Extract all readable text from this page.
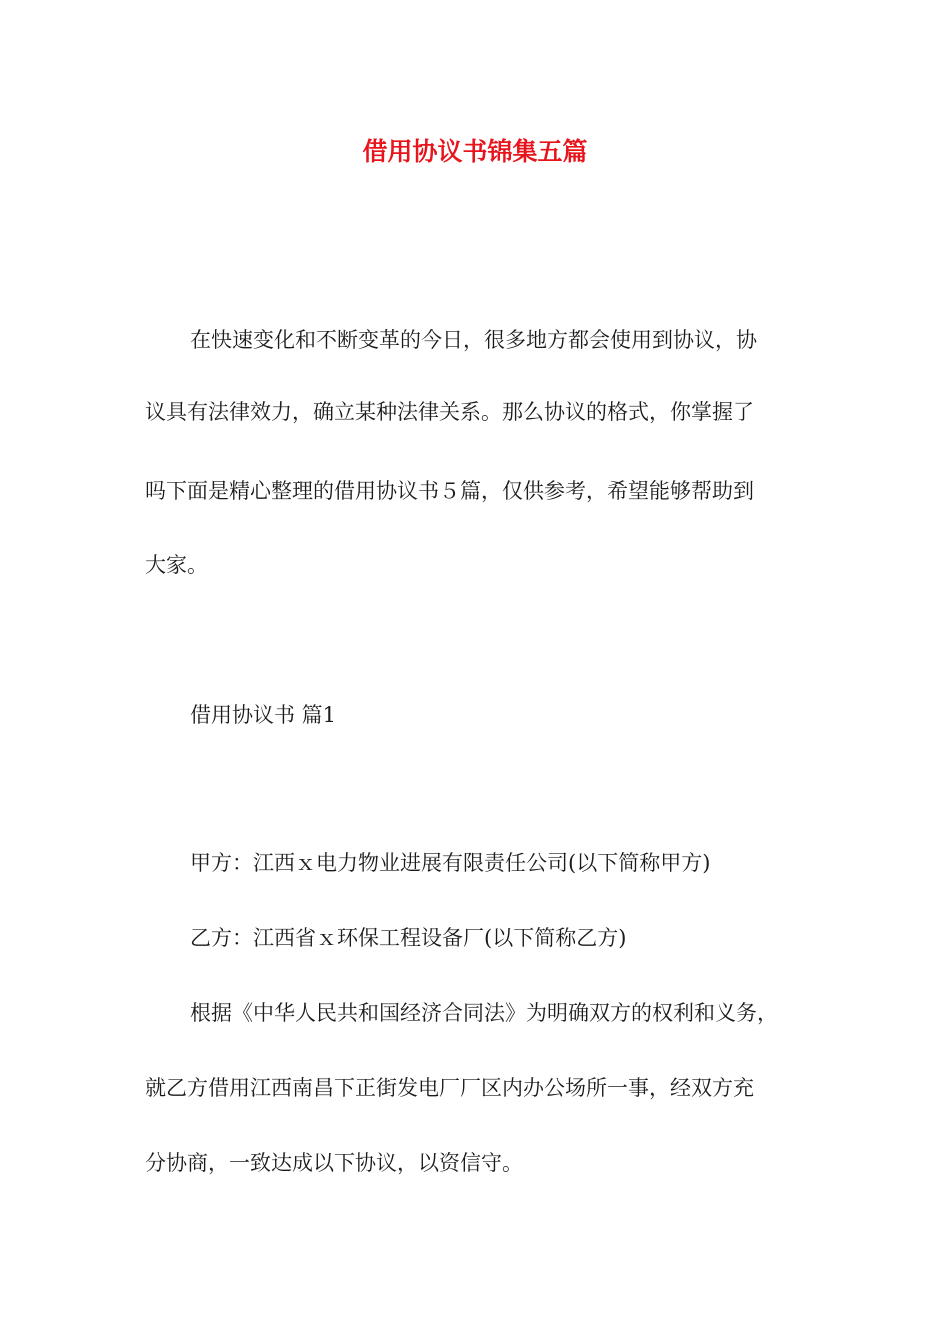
借用协议书锦集五篇

在快速变化和不断变革的今日，很多地方都会使用到协议，协

议具有法律效力，确立某种法律关系。那么协议的格式，你掌握了

吗下面是精心整理的借用协议书５篇，仅供参考，希望能够帮助到

大家。

借用协议书 篇1

甲方：江西ｘ电力物业进展有限责任公司(以下简称甲方)

乙方：江西省ｘ环保工程设备厂(以下简称乙方)

根据《中华人民共和国经济合同法》为明确双方的权利和义务，

就乙方借用江西南昌下正街发电厂厂区内办公场所一事，经双方充

分协商，一致达成以下协议，以资信守。
